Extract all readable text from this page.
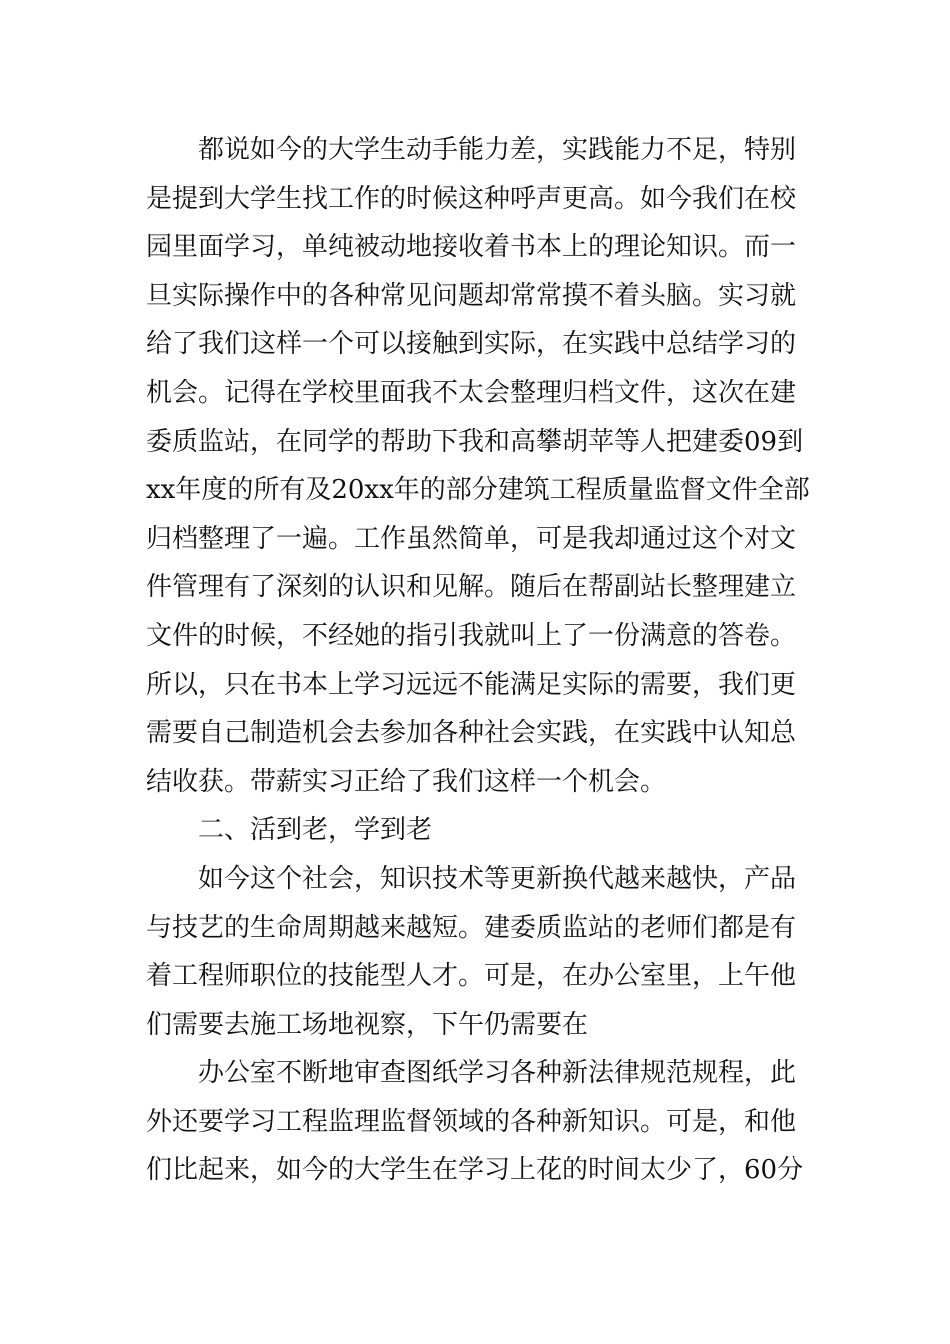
都说如今的大学生动手能力差，实践能力不足，特别
是提到大学生找工作的时候这种呼声更高。如今我们在校
园里面学习，单纯被动地接收着书本上的理论知识。而一
旦实际操作中的各种常见问题却常常摸不着头脑。实习就
给了我们这样一个可以接触到实际，在实践中总结学习的
机会。记得在学校里面我不太会整理归档文件，这次在建
委质监站，在同学的帮助下我和高攀胡苹等人把建委09到
xx年度的所有及20xx年的部分建筑工程质量监督文件全部
归档整理了一遍。工作虽然简单，可是我却通过这个对文
件管理有了深刻的认识和见解。随后在帮副站长整理建立
文件的时候，不经她的指引我就叫上了一份满意的答卷。
所以，只在书本上学习远远不能满足实际的需要，我们更
需要自己制造机会去参加各种社会实践，在实践中认知总
结收获。带薪实习正给了我们这样一个机会。
二、活到老，学到老
如今这个社会，知识技术等更新换代越来越快，产品
与技艺的生命周期越来越短。建委质监站的老师们都是有
着工程师职位的技能型人才。可是，在办公室里，上午他
们需要去施工场地视察，下午仍需要在
办公室不断地审查图纸学习各种新法律规范规程，此
外还要学习工程监理监督领域的各种新知识。可是，和他
们比起来，如今的大学生在学习上花的时间太少了，60分
